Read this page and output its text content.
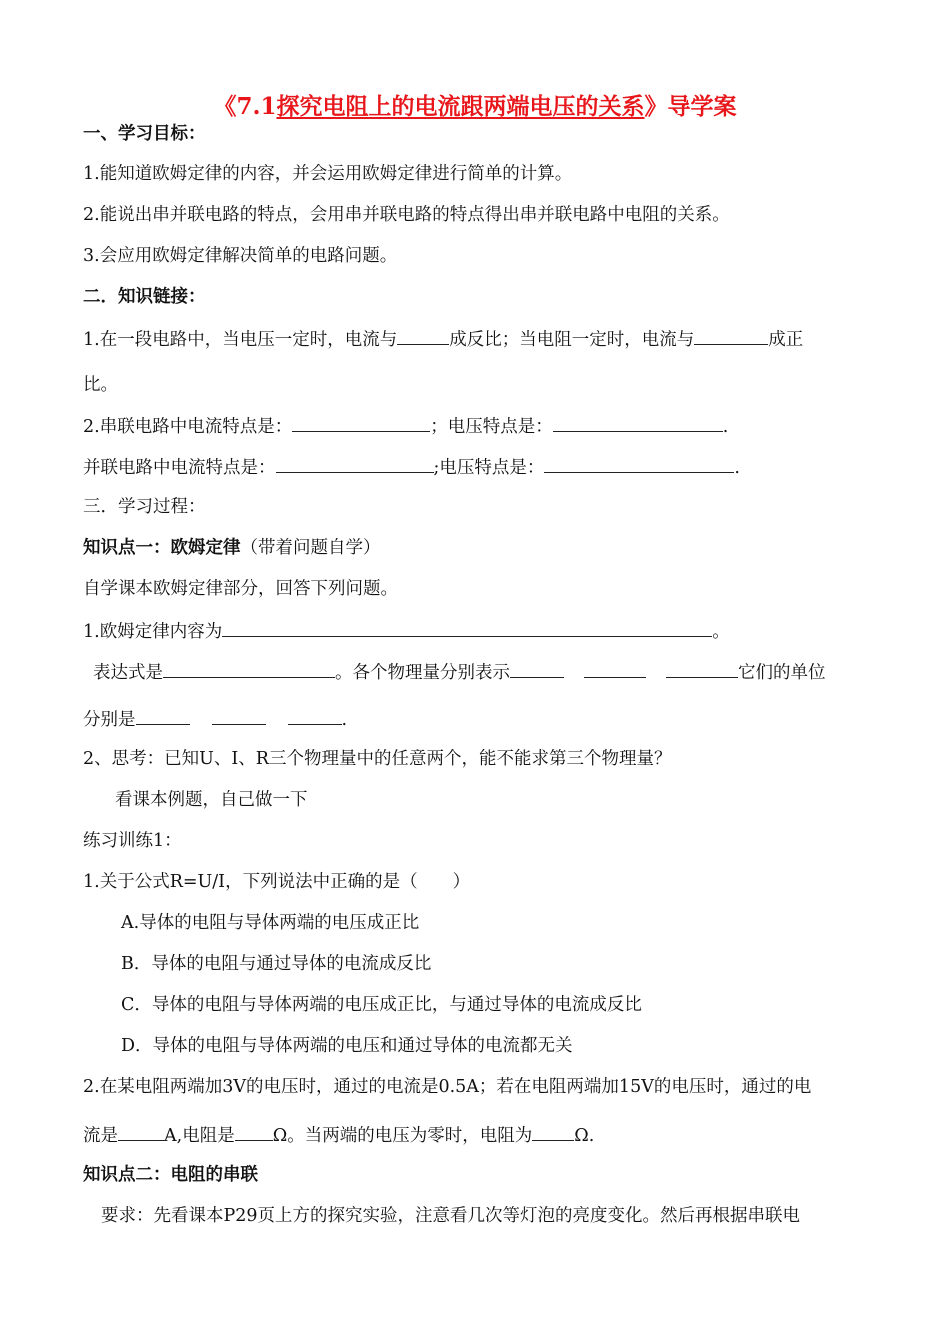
《7.1探究电阻上的电流跟两端电压的关系》导学案
一、学习目标：
1.能知道欧姆定律的内容，并会运用欧姆定律进行简单的计算。
2.能说出串并联电路的特点，会用串并联电路的特点得出串并联电路中电阻的关系。
3.会应用欧姆定律解决简单的电路问题。
二．知识链接：
1.在一段电路中，当电压一定时，电流与	成反比；当电阻一定时，电流与	成正
比。
2.串联电路中电流特点是：	；电压特点是：	.
并联电路中电流特点是：	;电压特点是：	.
三．学习过程：
知识点一：欧姆定律（带着问题自学）
自学课本欧姆定律部分，回答下列问题。
1.欧姆定律内容为	。
表达式是	。各个物理量分别表示	它们的单位
分别是	.
2、思考：已知U、I、R三个物理量中的任意两个，能不能求第三个物理量？
看课本例题，自己做一下
练习训练1：
1.关于公式R=U/I，下列说法中正确的是（　　）
A.导体的电阻与导体两端的电压成正比
B．导体的电阻与通过导体的电流成反比
C．导体的电阻与导体两端的电压成正比，与通过导体的电流成反比
D．导体的电阻与导体两端的电压和通过导体的电流都无关
2.在某电阻两端加3V的电压时，通过的电流是0.5A；若在电阻两端加15V的电压时，通过的电
流是	A,电阻是 Ω。当两端的电压为零时，电阻为 Ω.
知识点二：电阻的串联
要求：先看课本P29页上方的探究实验，注意看几次等灯泡的亮度变化。然后再根据串联电
